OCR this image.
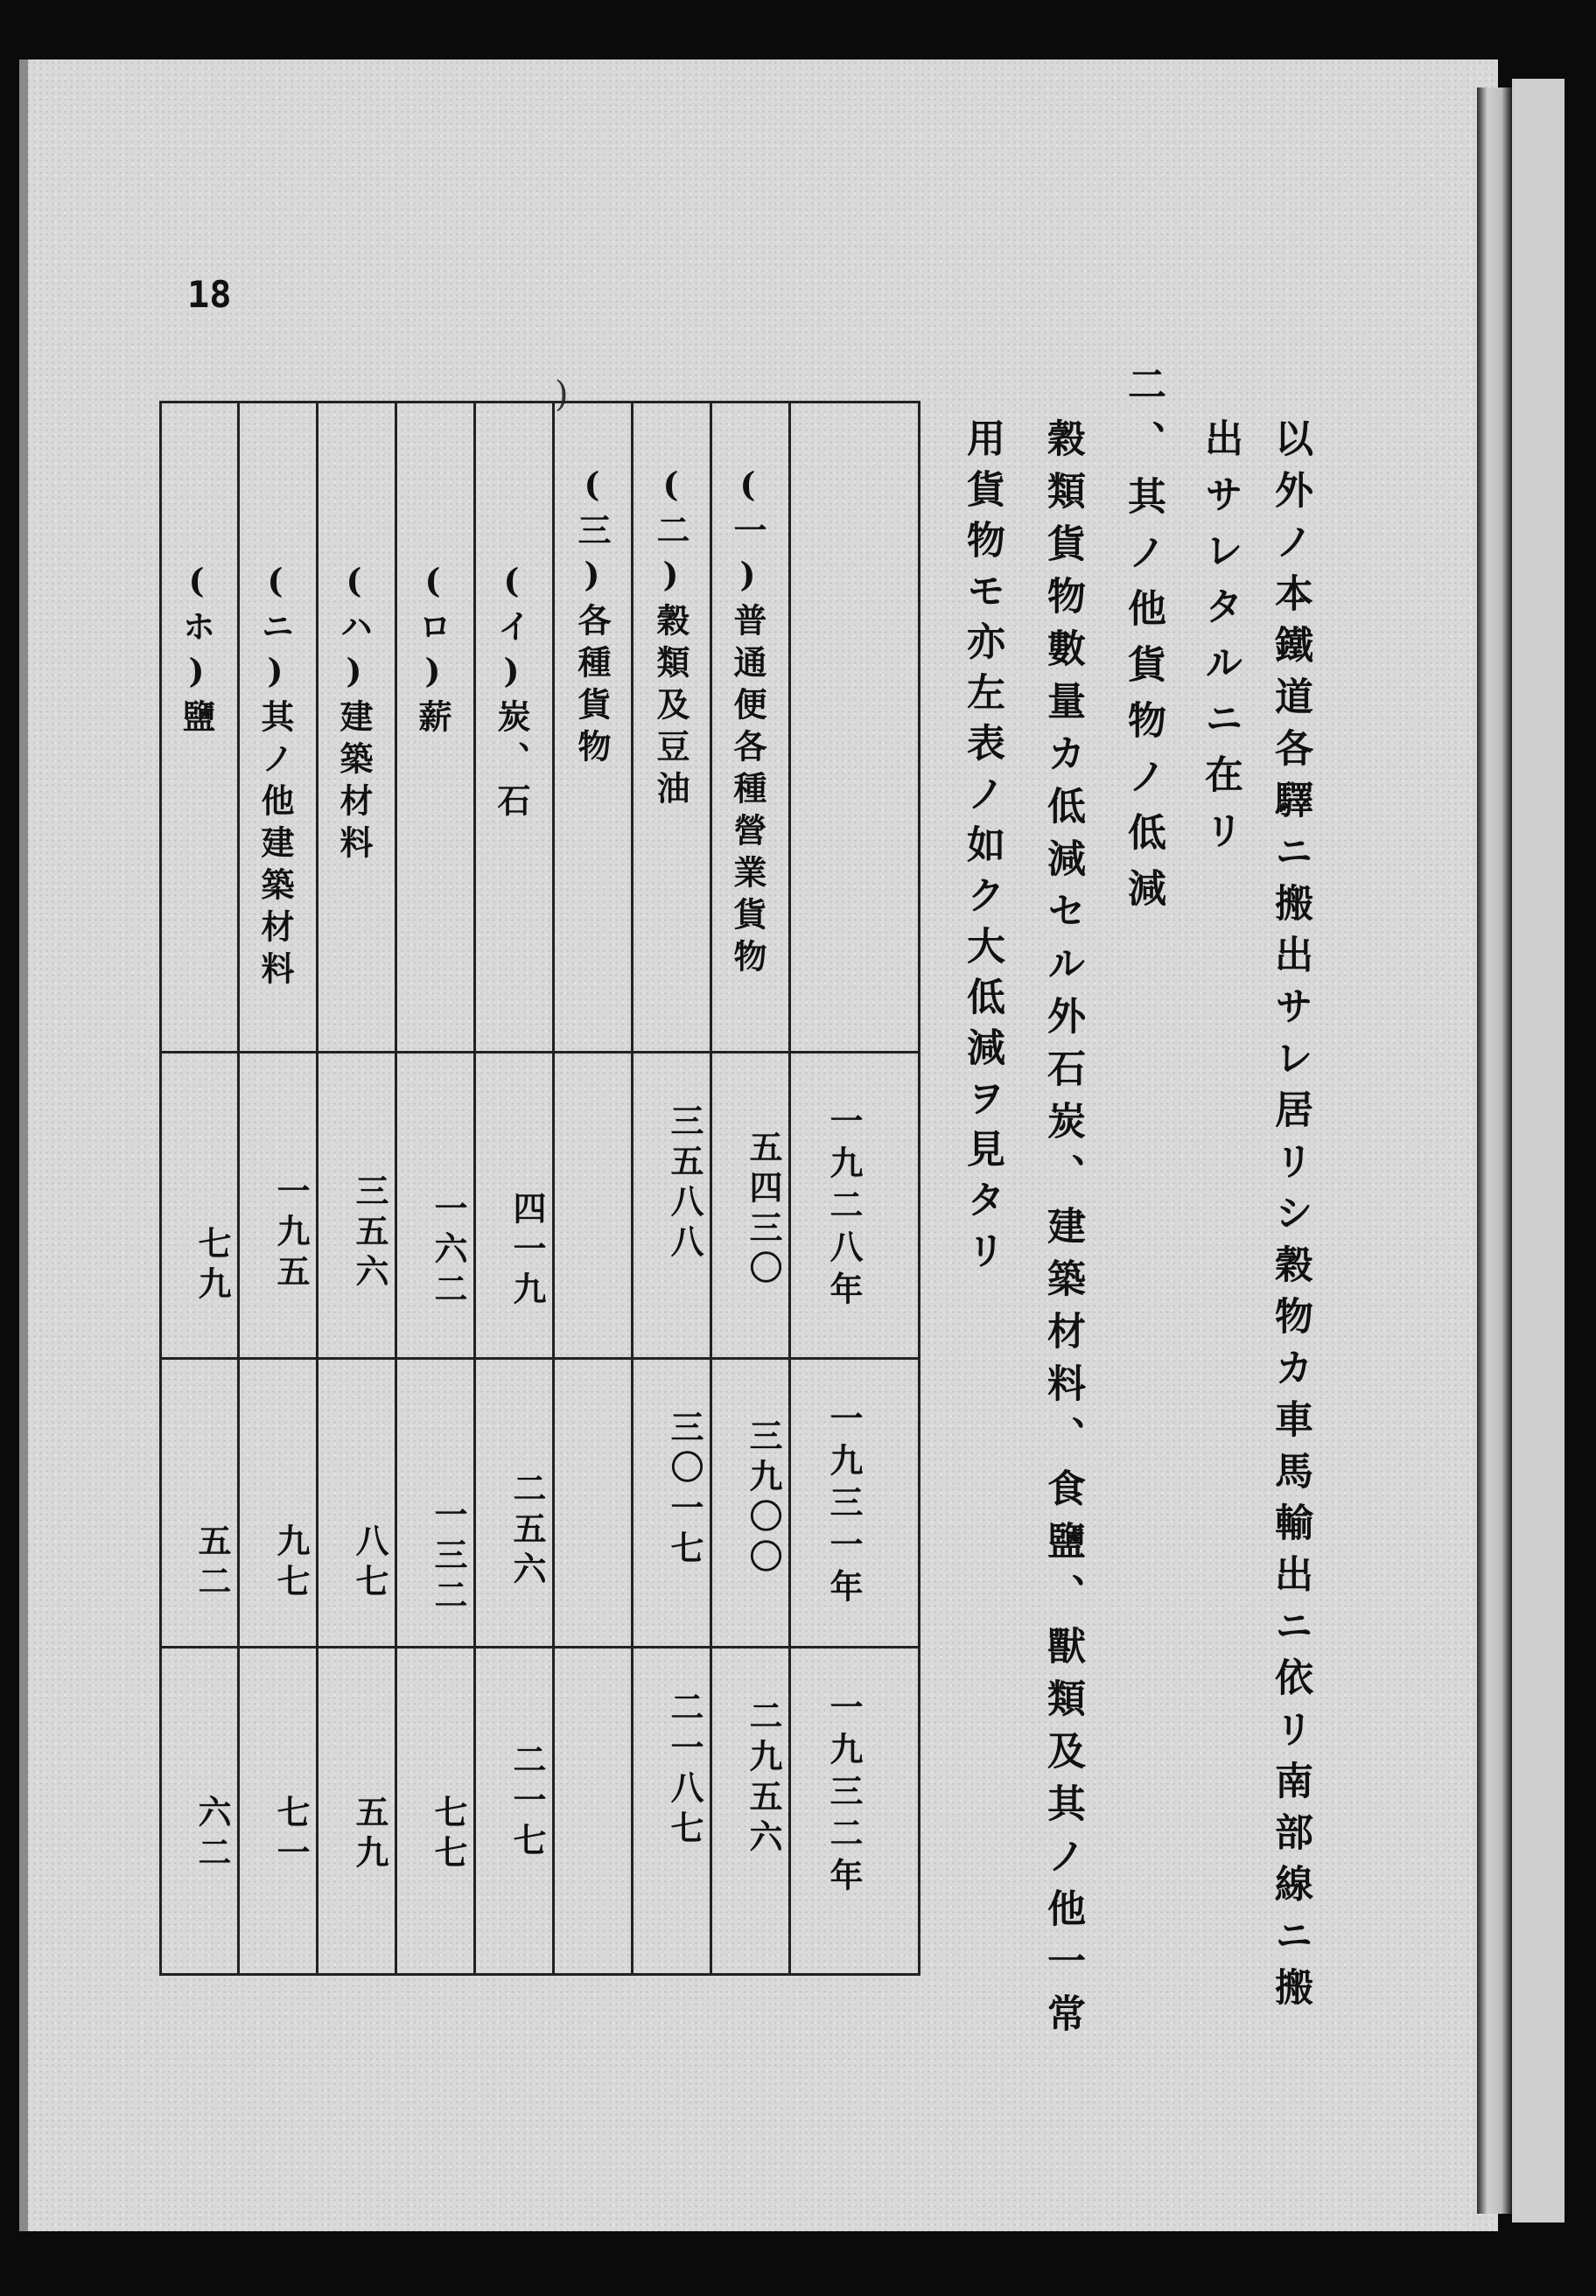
18
以外ノ本鐵道各驛ニ搬出サレ居リシ穀物カ車馬輸出ニ依リ南部線ニ搬
出サレタルニ在リ
二、其ノ他貨物ノ低減
穀類貨物數量カ低減セル外石炭、建築材料、食鹽、獸類及其ノ他一常
用貨物モ亦左表ノ如ク大低減ヲ見タリ
)
一九二八年
一九三一年
一九三二年
(一)普通便各種營業貨物
(二)穀類及豆油
(三)各種貨物
(イ)炭、石
(ロ)薪
(ハ)建築材料
(ニ)其ノ他建築材料
(ホ)鹽
五四三〇
三九〇〇
二九五六
三五八八
三〇一七
二一八七
四一九
二五六
二一七
一六二
一三二
七七
三五六
八七
五九
一九五
九七
七一
七九
五二
六二
